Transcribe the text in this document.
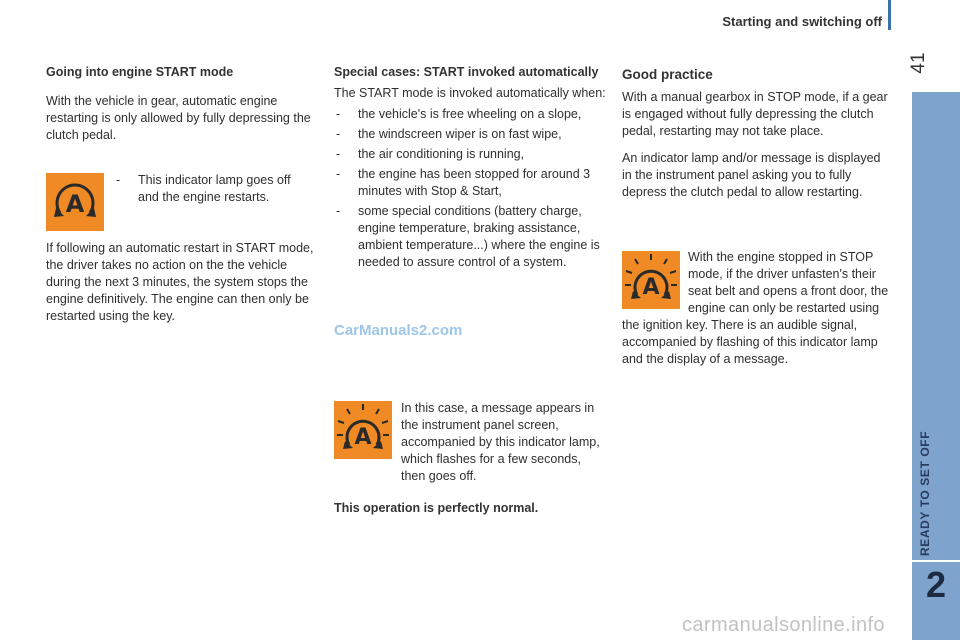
Starting and switching off
41
READY TO SET OFF
2
Going into engine START mode

With the vehicle in gear, automatic engine restarting is only allowed by fully depressing the clutch pedal.

A
- This indicator lamp goes off and the engine restarts.

If following an automatic restart in START mode, the driver takes no action on the the vehicle during the next 3 minutes, the system stops the engine definitively. The engine can then only be restarted using the key.

Special cases: START invoked automatically

The START mode is invoked automatically when:

- the vehicle's is free wheeling on a slope,
- the windscreen wiper is on fast wipe,
- the air conditioning is running,
- the engine has been stopped for around 3 minutes with Stop & Start,
- some special conditions (battery charge, engine temperature, braking assistance, ambient temperature...) where the engine is needed to assure control of a system.
CarManuals2.com
A

In this case, a message appears in the instrument panel screen, accompanied by this indicator lamp, which flashes for a few seconds, then goes off.

This operation is perfectly normal.
Good practice

With a manual gearbox in STOP mode, if a gear is engaged without fully depressing the clutch pedal, restarting may not take place.

An indicator lamp and/or message is displayed in the instrument panel asking you to fully depress the clutch pedal to allow restarting.

A

With the engine stopped in STOP mode, if the driver unfasten's their seat belt and opens a front door, the engine can only be restarted using the ignition key. There is an audible signal, accompanied by flashing of this indicator lamp and the display of a message.

carmanualsonline.info
